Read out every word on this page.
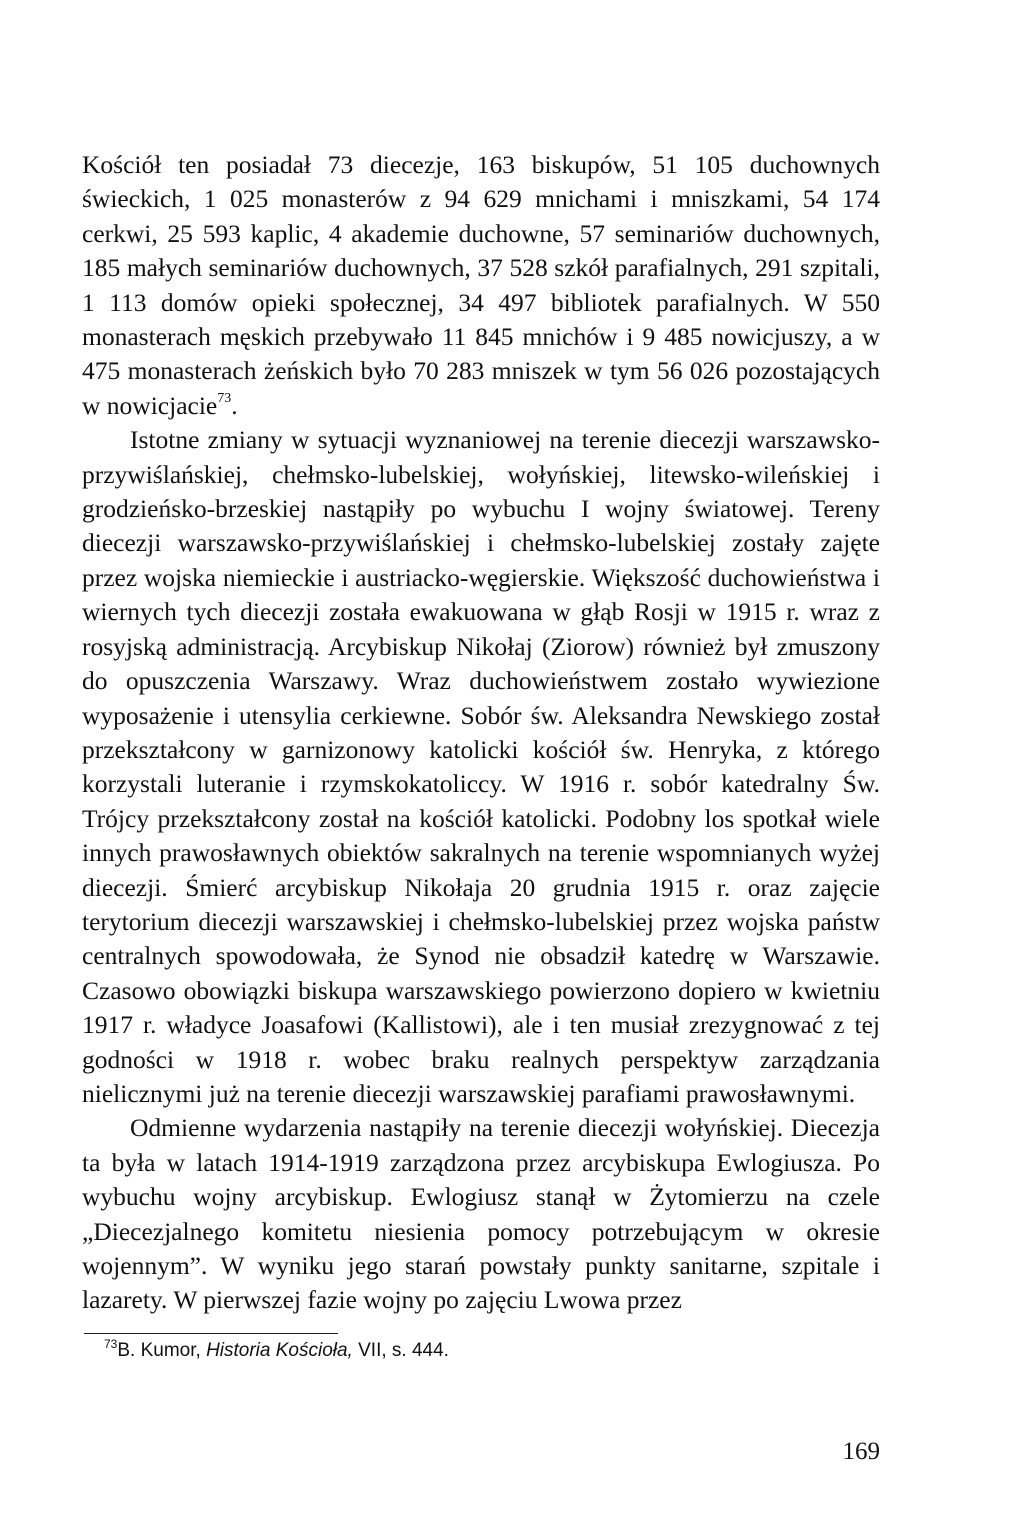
Kościół ten posiadał 73 diecezje, 163 biskupów, 51 105 duchownych świeckich, 1 025 monasterów z 94 629 mnichami i mniszkami, 54 174 cerkwi, 25 593 kaplic, 4 akademie duchowne, 57 seminariów duchownych, 185 małych seminariów duchownych, 37 528 szkół parafialnych, 291 szpitali, 1 113 domów opieki społecznej, 34 497 bibliotek parafialnych. W 550 monasterach męskich przebywało 11 845 mnichów i 9 485 nowicjuszy, a w 475 monasterach żeńskich było 70 283 mniszek w tym 56 026 pozostających w nowicjacie$^{73}$.

Istotne zmiany w sytuacji wyznaniowej na terenie diecezji warszawsko-przywiślańskiej, chełmsko-lubelskiej, wołyńskiej, litewsko-wileńskiej i grodzieńsko-brzeskiej nastąpiły po wybuchu I wojny światowej. Tereny diecezji warszawsko-przywiślańskiej i chełmsko-lubelskiej zostały zajęte przez wojska niemieckie i austriacko-węgierskie. Większość duchowieństwa i wiernych tych diecezji została ewakuowana w głąb Rosji w 1915 r. wraz z rosyjską administracją. Arcybiskup Nikołaj (Ziorow) również był zmuszony do opuszczenia Warszawy. Wraz duchowieństwem zostało wywiezione wyposażenie i utensylia cerkiewne. Sobór św. Aleksandra Newskiego został przekształcony w garnizonowy katolicki kościół św. Henryka, z którego korzystali luteranie i rzymskokatoliccy. W 1916 r. sobór katedralny Św. Trójcy przekształcony został na kościół katolicki. Podobny los spotkał wiele innych prawosławnych obiektów sakralnych na terenie wspomnianych wyżej diecezji. Śmierć arcybiskup Nikołaja 20 grudnia 1915 r. oraz zajęcie terytorium diecezji warszawskiej i chełmsko-lubelskiej przez wojska państw centralnych spowodowała, że Synod nie obsadził katedrę w Warszawie. Czasowo obowiązki biskupa warszawskiego powierzono dopiero w kwietniu 1917 r. władyce Joasafowi (Kallistowi), ale i ten musiał zrezygnować z tej godności w 1918 r. wobec braku realnych perspektyw zarządzania nielicznymi już na terenie diecezji warszawskiej parafiami prawosławnymi.

Odmienne wydarzenia nastąpiły na terenie diecezji wołyńskiej. Diecezja ta była w latach 1914-1919 zarządzona przez arcybiskupa Ewlogiusza. Po wybuchu wojny arcybiskup. Ewlogiusz stanął w Żytomierzu na czele „Diecezjalnego komitetu niesienia pomocy potrzebującym w okresie wojennym”. W wyniku jego starań powstały punkty sanitarne, szpitale i lazarety. W pierwszej fazie wojny po zajęciu Lwowa przez

$^{73}$B. Kumor, Historia Kościoła, VII, s. 444.
169
